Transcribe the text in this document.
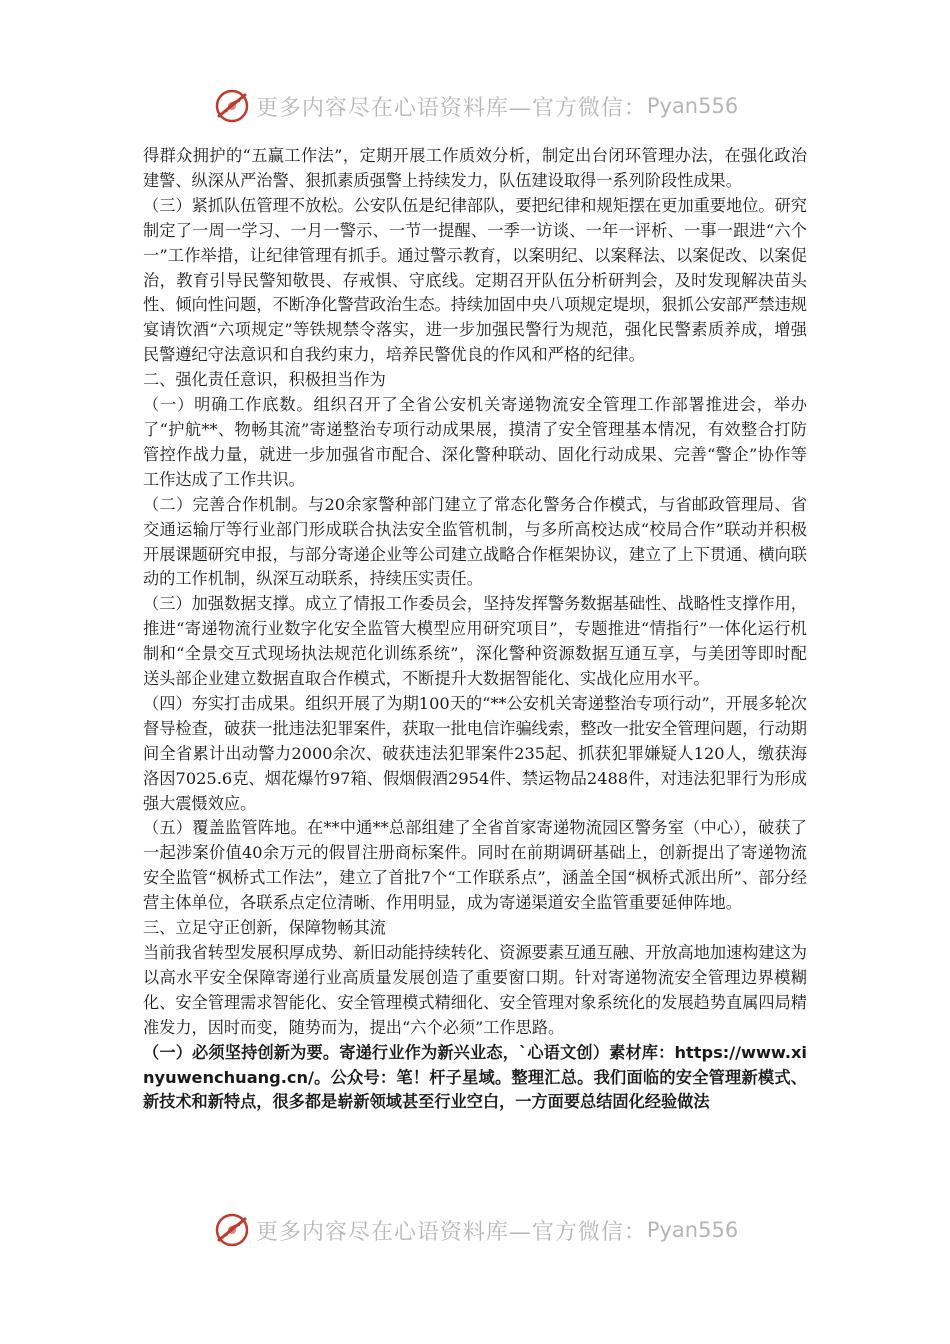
更多内容尽在心语资料库—官方微信： Pyan556

得群众拥护的“五赢工作法”，定期开展工作质效分析，制定出台闭环管理办法，在强化政治建警、纵深从严治警、狠抓素质强警上持续发力，队伍建设取得一系列阶段性成果。

（三）紧抓队伍管理不放松。公安队伍是纪律部队，要把纪律和规矩摆在更加重要地位。研究制定了一周一学习、一月一警示、一节一提醒、一季一访谈、一年一评析、一事一跟进“六个一”工作举措，让纪律管理有抓手。通过警示教育，以案明纪、以案释法、以案促改、以案促治，教育引导民警知敬畏、存戒惧、守底线。定期召开队伍分析研判会，及时发现解决苗头性、倾向性问题，不断净化警营政治生态。持续加固中央八项规定堤坝，狠抓公安部严禁违规宴请饮酒“六项规定”等铁规禁令落实，进一步加强民警行为规范，强化民警素质养成，增强民警遵纪守法意识和自我约束力，培养民警优良的作风和严格的纪律。

二、强化责任意识，积极担当作为

（一）明确工作底数。组织召开了全省公安机关寄递物流安全管理工作部署推进会，举办了“护航**、物畅其流”寄递整治专项行动成果展，摸清了安全管理基本情况，有效整合打防管控作战力量，就进一步加强省市配合、深化警种联动、固化行动成果、完善“警企”协作等工作达成了工作共识。

（二）完善合作机制。与20余家警种部门建立了常态化警务合作模式，与省邮政管理局、省交通运输厅等行业部门形成联合执法安全监管机制，与多所高校达成“校局合作”联动并积极开展课题研究申报，与部分寄递企业等公司建立战略合作框架协议，建立了上下贯通、横向联动的工作机制，纵深互动联系，持续压实责任。

（三）加强数据支撑。成立了情报工作委员会，坚持发挥警务数据基础性、战略性支撑作用，推进“寄递物流行业数字化安全监管大模型应用研究项目”，专题推进“情指行”一体化运行机制和“全景交互式现场执法规范化训练系统”，深化警种资源数据互通互享，与美团等即时配送头部企业建立数据直取合作模式，不断提升大数据智能化、实战化应用水平。

（四）夯实打击成果。组织开展了为期100天的“**公安机关寄递整治专项行动”，开展多轮次督导检查，破获一批违法犯罪案件，获取一批电信诈骗线索，整改一批安全管理问题，行动期间全省累计出动警力2000余次、破获违法犯罪案件235起、抓获犯罪嫌疑人120人，缴获海洛因7025.6克、烟花爆竹97箱、假烟假酒2954件、禁运物品2488件，对违法犯罪行为形成强大震慑效应。

（五）覆盖监管阵地。在**中通**总部组建了全省首家寄递物流园区警务室（中心），破获了一起涉案价值40余万元的假冒注册商标案件。同时在前期调研基础上，创新提出了寄递物流安全监管“枫桥式工作法”，建立了首批7个“工作联系点”，涵盖全国“枫桥式派出所”、部分经营主体单位，各联系点定位清晰、作用明显，成为寄递渠道安全监管重要延伸阵地。

三、立足守正创新，保障物畅其流

当前我省转型发展积厚成势、新旧动能持续转化、资源要素互通互融、开放高地加速构建这为以高水平安全保障寄递行业高质量发展创造了重要窗口期。针对寄递物流安全管理边界模糊化、安全管理需求智能化、安全管理模式精细化、安全管理对象系统化的发展趋势直属四局精准发力，因时而变，随势而为，提出“六个必须”工作思路。

（一）必须坚持创新为要。寄递行业作为新兴业态，`心语文创）素材库：https://www.xinyuwenchuang.cn/。公众号：笔！杆子星域。整理汇总。我们面临的安全管理新模式、新技术和新特点，很多都是崭新领域甚至行业空白，一方面要总结固化经验做法

更多内容尽在心语资料库—官方微信： Pyan556
